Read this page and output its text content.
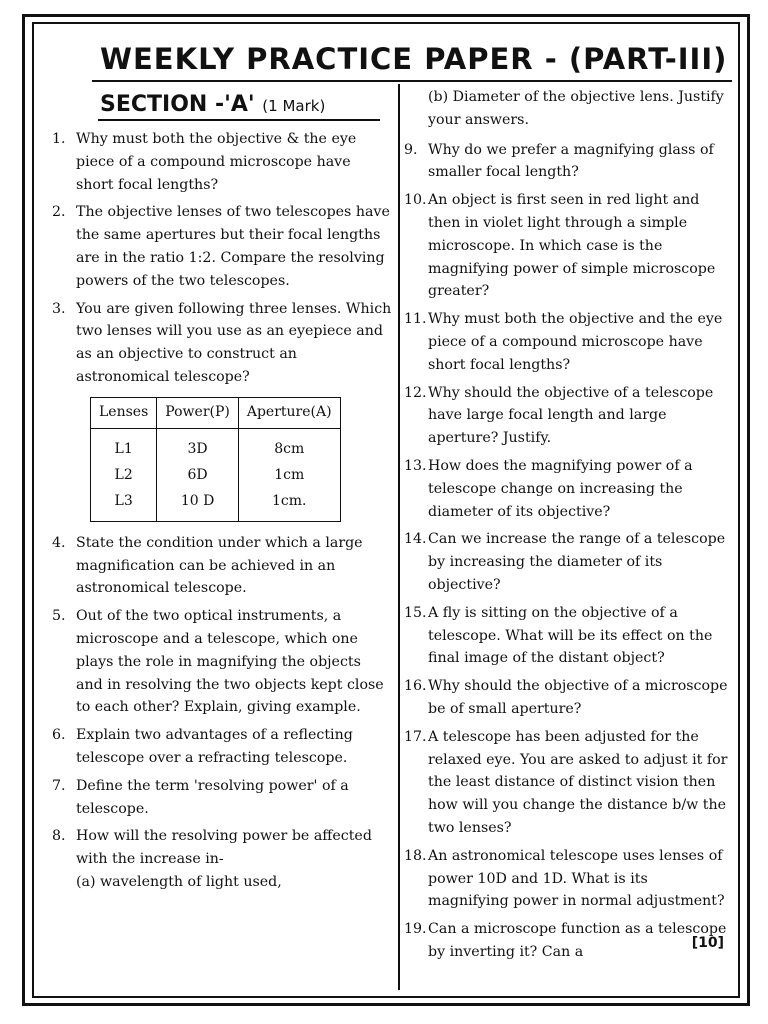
WEEKLY PRACTICE PAPER - (PART-III)
SECTION -'A' (1 Mark)
1. Why must both the objective & the eye piece of a compound microscope have short focal lengths?
2. The objective lenses of two telescopes have the same apertures but their focal lengths are in the ratio 1:2. Compare the resolving powers of the two telescopes.
3. You are given following three lenses. Which two lenses will you use as an eyepiece and as an objective to construct an astronomical telescope?
Lenses	Power(P)	Aperture(A)
L1	3D	8cm
L2	6D	1cm
L3	10 D	1cm.
4. State the condition under which a large magnification can be achieved in an astronomical telescope.
5. Out of the two optical instruments, a microscope and a telescope, which one plays the role in magnifying the objects and in resolving the two objects kept close to each other? Explain, giving example.
6. Explain two advantages of a reflecting telescope over a refracting telescope.
7. Define the term 'resolving power' of a telescope.
8. How will the resolving power be affected with the increase in-
(a) wavelength of light used,
(b) Diameter of the objective lens. Justify your answers.
9. Why do we prefer a magnifying glass of smaller focal length?
10. An object is first seen in red light and then in violet light through a simple microscope. In which case is the magnifying power of simple microscope greater?
11. Why must both the objective and the eye piece of a compound microscope have short focal lengths?
12. Why should the objective of a telescope have large focal length and large aperture? Justify.
13. How does the magnifying power of a telescope change on increasing the diameter of its objective?
14. Can we increase the range of a telescope by increasing the diameter of its objective?
15. A fly is sitting on the objective of a telescope. What will be its effect on the final image of the distant object?
16. Why should the objective of a microscope be of small aperture?
17. A telescope has been adjusted for the relaxed eye. You are asked to adjust it for the least distance of distinct vision then how will you change the distance b/w the two lenses?
18. An astronomical telescope uses lenses of power 10D and 1D. What is its magnifying power in normal adjustment?
19. Can a microscope function as a telescope by inverting it? Can a
[10]
